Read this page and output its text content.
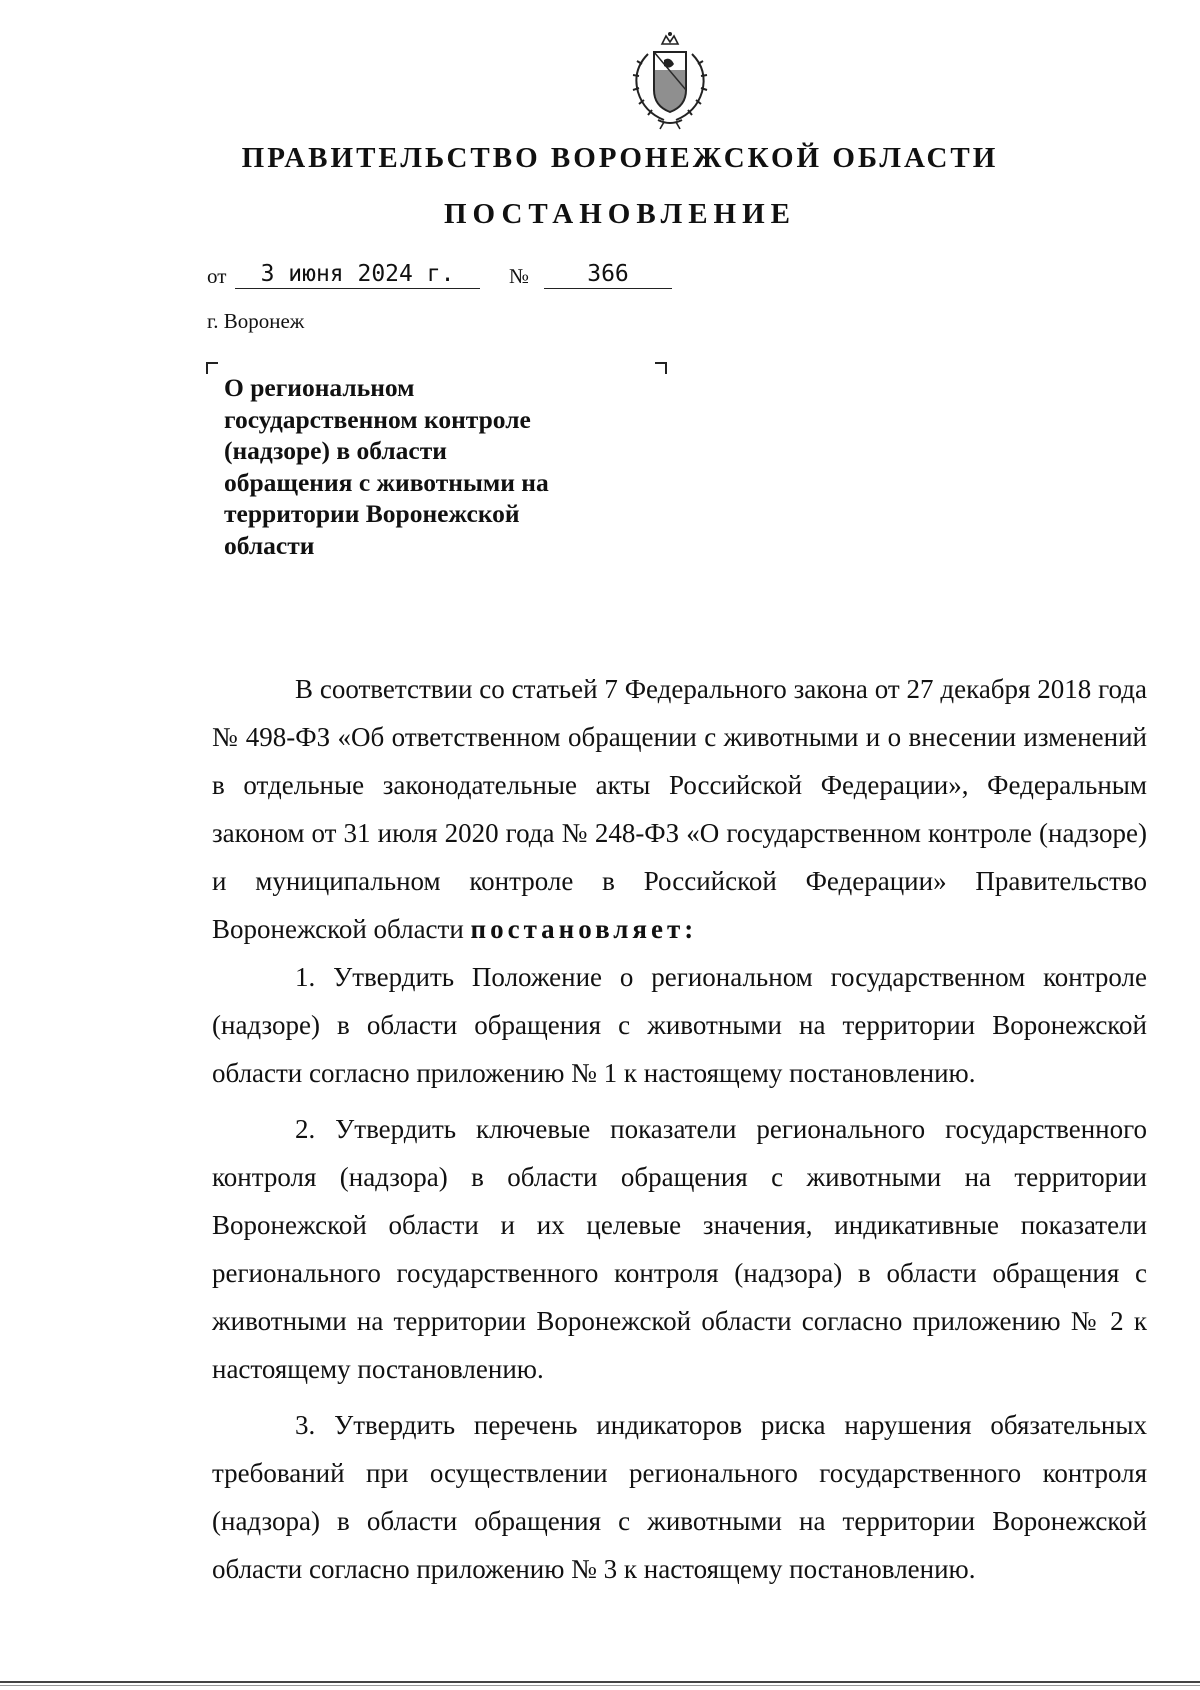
ПРАВИТЕЛЬСТВО ВОРОНЕЖСКОЙ ОБЛАСТИ
ПОСТАНОВЛЕНИЕ
от	3 июня 2024 г.	№	366
г. Воронеж
О региональном
государственном контроле
(надзоре) в области
обращения с животными на
территории Воронежской
области

В соответствии со статьей 7 Федерального закона от 27 декабря 2018 года № 498-ФЗ «Об ответственном обращении с животными и о внесении изменений в отдельные законодательные акты Российской Федерации», Федеральным законом от 31 июля 2020 года № 248-ФЗ «О государственном контроле (надзоре) и муниципальном контроле в Российской Федерации» Правительство Воронежской области постановляет:

1. Утвердить Положение о региональном государственном контроле (надзоре) в области обращения с животными на территории Воронежской области согласно приложению № 1 к настоящему постановлению.

2. Утвердить ключевые показатели регионального государственного контроля (надзора) в области обращения с животными на территории Воронежской области и их целевые значения, индикативные показатели регионального государственного контроля (надзора) в области обращения с животными на территории Воронежской области согласно приложению № 2 к настоящему постановлению.

3. Утвердить перечень индикаторов риска нарушения обязательных требований при осуществлении регионального государственного контроля (надзора) в области обращения с животными на территории Воронежской области согласно приложению № 3 к настоящему постановлению.
